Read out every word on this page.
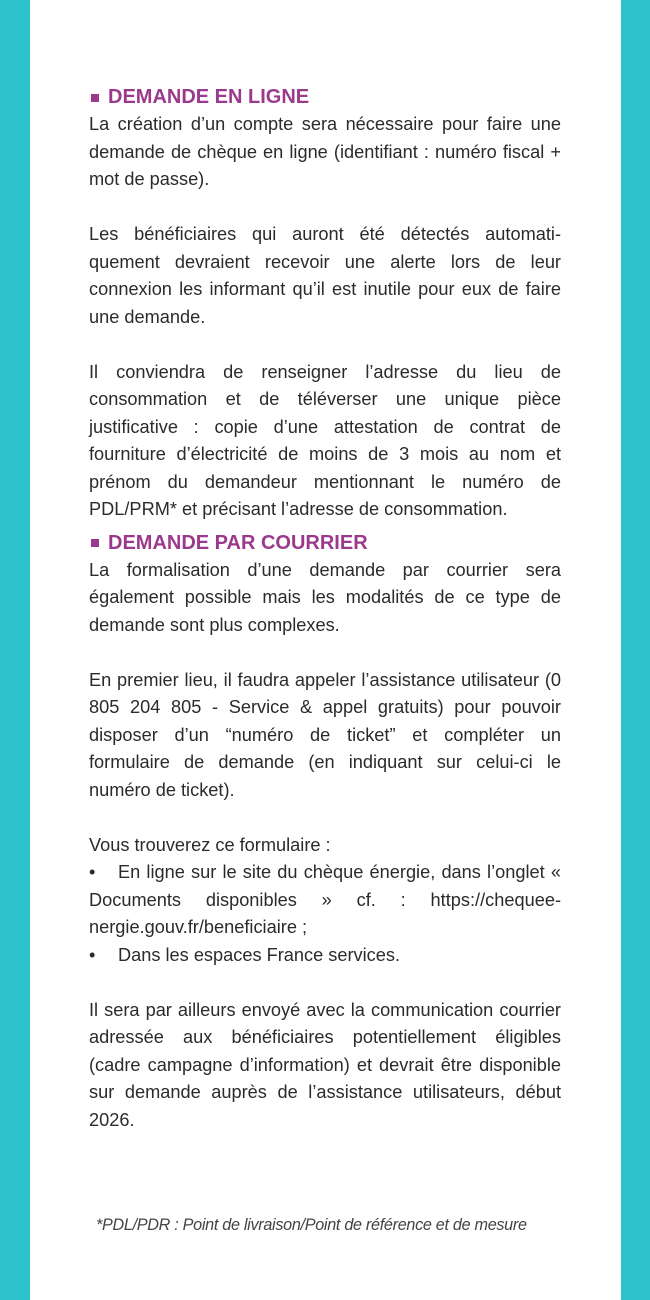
DEMANDE EN LIGNE

La création d’un compte sera nécessaire pour faire une demande de chèque en ligne (identifiant : numéro fiscal + mot de passe).

Les bénéficiaires qui auront été détectés automatiquement devraient recevoir une alerte lors de leur connexion les informant qu’il est inutile pour eux de faire une demande.

Il conviendra de renseigner l’adresse du lieu de consommation et de téléverser une unique pièce justificative : copie d’une attestation de contrat de fourniture d’électricité de moins de 3 mois au nom et prénom du demandeur mentionnant le numéro de PDL/PRM* et précisant l’adresse de consommation.

DEMANDE PAR COURRIER

La formalisation d’une demande par courrier sera également possible mais les modalités de ce type de demande sont plus complexes.

En premier lieu, il faudra appeler l’assistance utilisateur (0 805 204 805 - Service & appel gratuits) pour pouvoir disposer d’un “numéro de ticket” et compléter un formulaire de demande (en indiquant sur celui-ci le numéro de ticket).

Vous trouverez ce formulaire :

• En ligne sur le site du chèque énergie, dans l’onglet « Documents disponibles » cf. : https://chequeenergie.gouv.fr/beneficiaire ;
• Dans les espaces France services.

Il sera par ailleurs envoyé avec la communication courrier adressée aux bénéficiaires potentiellement éligibles (cadre campagne d’information) et devrait être disponible sur demande auprès de l’assistance utilisateurs, début 2026.

*PDL/PDR : Point de livraison/Point de référence et de mesure
